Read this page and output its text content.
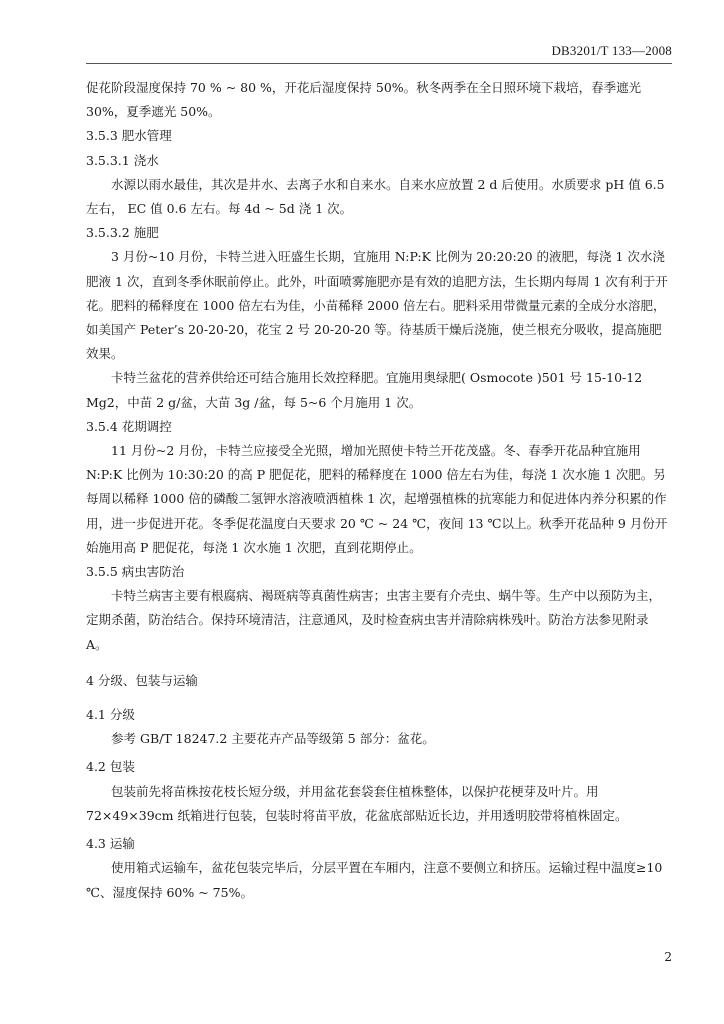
DB3201/T 133—2008

促花阶段湿度保持 70 % ~ 80 %，开花后湿度保持 50%。秋冬两季在全日照环境下栽培，春季遮光 30%，夏季遮光 50%。

3.5.3 肥水管理

3.5.3.1 浇水

水源以雨水最佳，其次是井水、去离子水和自来水。自来水应放置 2 d 后使用。水质要求 pH 值 6.5 左右， EC 值 0.6 左右。每 4d ~ 5d 浇 1 次。

3.5.3.2 施肥

3 月份~10 月份，卡特兰进入旺盛生长期，宜施用 N:P:K 比例为 20:20:20 的液肥，每浇 1 次水浇肥液 1 次，直到冬季休眠前停止。此外，叶面喷雾施肥亦是有效的追肥方法，生长期内每周 1 次有利于开花。肥料的稀释度在 1000 倍左右为佳，小苗稀释 2000 倍左右。肥料采用带微量元素的全成分水溶肥，如美国产 Peter’s 20-20-20，花宝 2 号 20-20-20 等。待基质干燥后浇施，使兰根充分吸收，提高施肥效果。

卡特兰盆花的营养供给还可结合施用长效控释肥。宜施用奥绿肥( Osmocote )501 号 15-10-12 Mg2，中苗 2 g/盆，大苗 3g /盆，每 5~6 个月施用 1 次。

3.5.4 花期调控

11 月份~2 月份，卡特兰应接受全光照，增加光照使卡特兰开花茂盛。冬、春季开花品种宜施用 N:P:K 比例为 10:30:20 的高 P 肥促花，肥料的稀释度在 1000 倍左右为佳，每浇 1 次水施 1 次肥。另每周以稀释 1000 倍的磷酸二氢钾水溶液喷洒植株 1 次，起增强植株的抗寒能力和促进体内养分积累的作用，进一步促进开花。冬季促花温度白天要求 20 ℃ ~ 24 ℃，夜间 13 ℃以上。秋季开花品种 9 月份开始施用高 P 肥促花，每浇 1 次水施 1 次肥，直到花期停止。

3.5.5 病虫害防治

卡特兰病害主要有根腐病、褐斑病等真菌性病害；虫害主要有介壳虫、蜗牛等。生产中以预防为主，定期杀菌，防治结合。保持环境清洁，注意通风，及时检查病虫害并清除病株残叶。防治方法参见附录 A。

4 分级、包装与运输

4.1 分级

参考 GB/T 18247.2 主要花卉产品等级第 5 部分：盆花。

4.2 包装

包装前先将苗株按花枝长短分级，并用盆花套袋套住植株整体，以保护花梗芽及叶片。用 72×49×39cm 纸箱进行包装，包装时将苗平放，花盆底部贴近长边，并用透明胶带将植株固定。

4.3 运输

使用箱式运输车，盆花包装完毕后，分层平置在车厢内，注意不要侧立和挤压。运输过程中温度≥10 ℃、湿度保持 60% ~ 75%。

2
